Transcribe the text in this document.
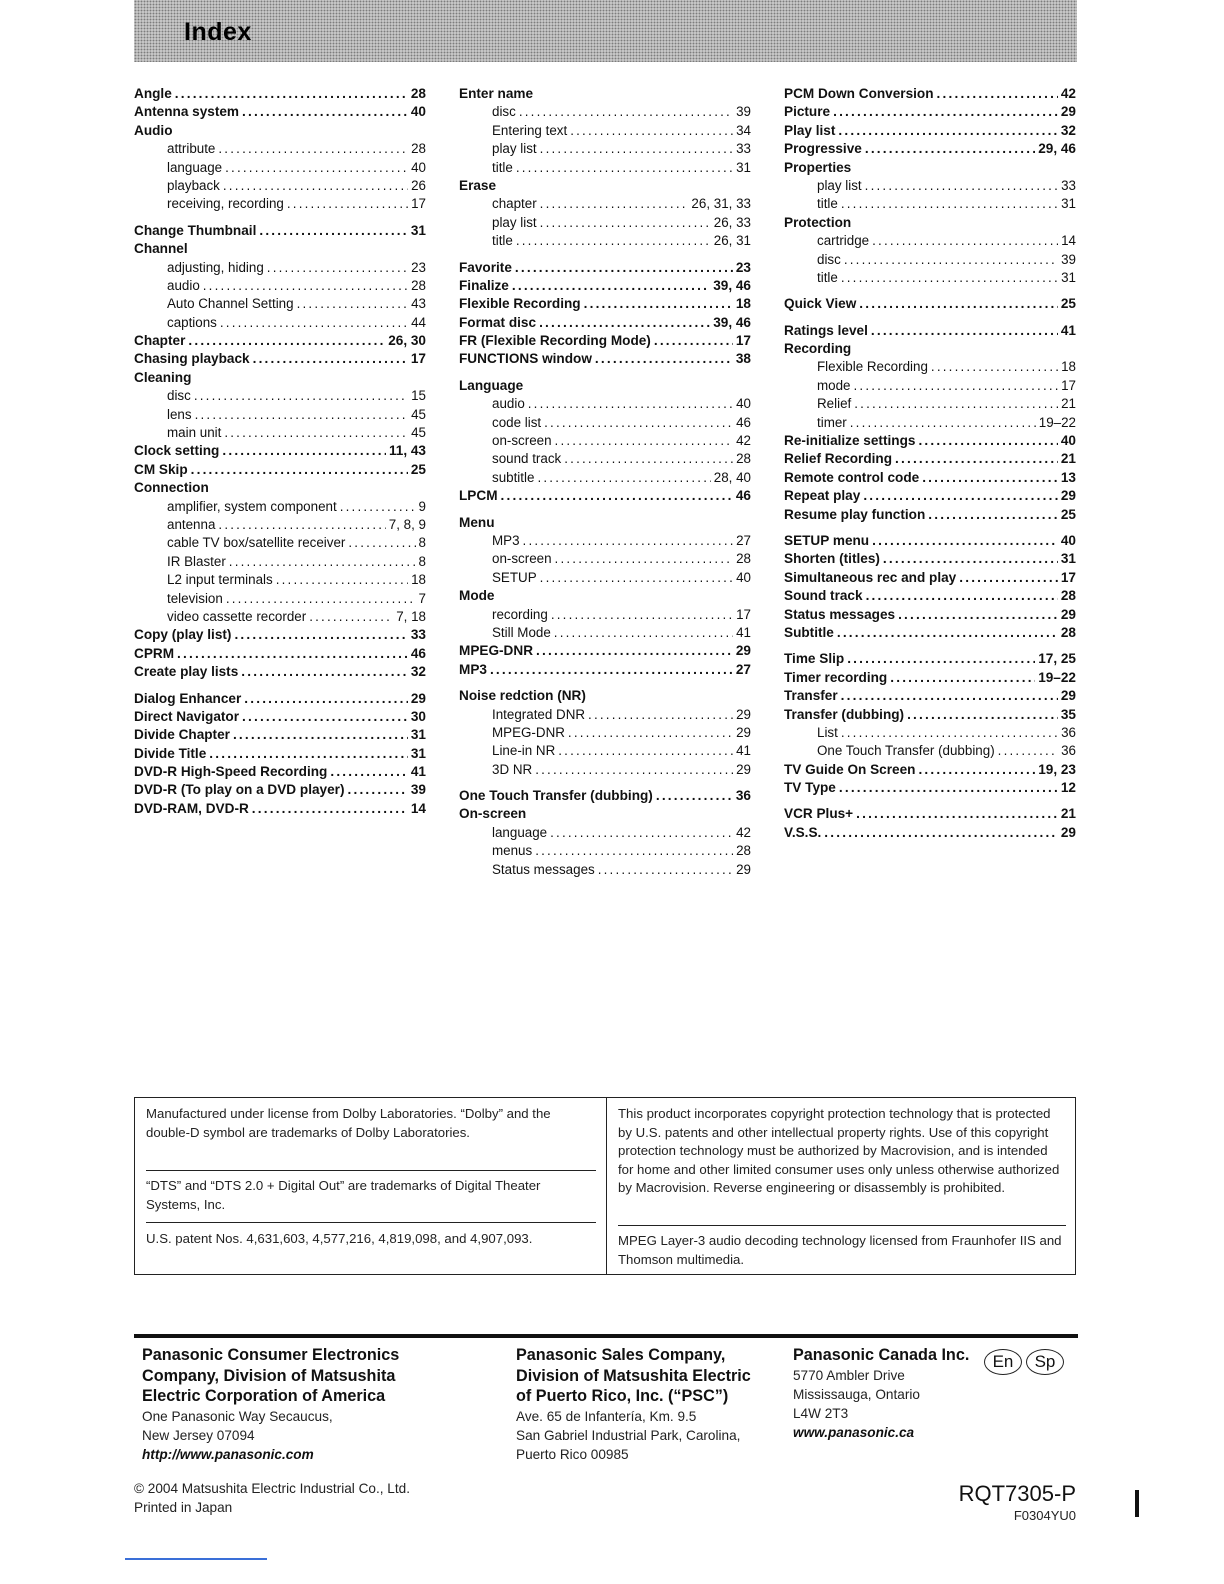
Index
Angle .....	28
Antenna system .....	40
Audio
attribute .....	28
language .....	40
playback .....	26
receiving, recording .....	17
Change Thumbnail .....	31
Channel
adjusting, hiding .....	23
audio .....	28
Auto Channel Setting .....	43
captions .....	44
Chapter .....	26, 30
Chasing playback .....	17
Cleaning
disc .....	15
lens .....	45
main unit .....	45
Clock setting .....	11, 43
CM Skip .....	25
Connection
amplifier, system component .....	9
antenna .....	7, 8, 9
cable TV box/satellite receiver .....	8
IR Blaster .....	8
L2 input terminals .....	18
television .....	7
video cassette recorder .....	7, 18
Copy (play list) .....	33
CPRM .....	46
Create play lists .....	32
Dialog Enhancer .....	29
Direct Navigator .....	30
Divide Chapter .....	31
Divide Title .....	31
DVD-R High-Speed Recording .....	41
DVD-R (To play on a DVD player) .....	39
DVD-RAM, DVD-R .....	14
Enter name
disc .....	39
Entering text .....	34
play list .....	33
title .....	31
Erase
chapter .....	26, 31, 33
play list .....	26, 33
title .....	26, 31
Favorite .....	23
Finalize .....	39, 46
Flexible Recording .....	18
Format disc .....	39, 46
FR (Flexible Recording Mode) .....	17
FUNCTIONS window .....	38
Language
audio .....	40
code list .....	46
on-screen .....	42
sound track .....	28
subtitle .....	28, 40
LPCM .....	46
Menu
MP3 .....	27
on-screen .....	28
SETUP .....	40
Mode
recording .....	17
Still Mode .....	41
MPEG-DNR .....	29
MP3 .....	27
Noise redction (NR)
Integrated DNR .....	29
MPEG-DNR .....	29
Line-in NR .....	41
3D NR .....	29
One Touch Transfer (dubbing) .....	36
On-screen
language .....	42
menus .....	28
Status messages .....	29
PCM Down Conversion .....	42
Picture .....	29
Play list .....	32
Progressive .....	29, 46
Properties
play list .....	33
title .....	31
Protection
cartridge .....	14
disc .....	39
title .....	31
Quick View .....	25
Ratings level .....	41
Recording
Flexible Recording .....	18
mode .....	17
Relief .....	21
timer .....	19–22
Re-initialize settings .....	40
Relief Recording .....	21
Remote control code .....	13
Repeat play .....	29
Resume play function .....	25
SETUP menu .....	40
Shorten (titles) .....	31
Simultaneous rec and play .....	17
Sound track .....	28
Status messages .....	29
Subtitle .....	28
Time Slip .....	17, 25
Timer recording .....	19–22
Transfer .....	29
Transfer (dubbing) .....	35
List .....	36
One Touch Transfer (dubbing) .....	36
TV Guide On Screen .....	19, 23
TV Type .....	12
VCR Plus+ .....	21
V.S.S. .....	29
Manufactured under license from Dolby Laboratories. “Dolby” and the double-D symbol are trademarks of Dolby Laboratories.
“DTS” and “DTS 2.0 + Digital Out” are trademarks of Digital Theater Systems, Inc.
U.S. patent Nos. 4,631,603, 4,577,216, 4,819,098, and 4,907,093.
This product incorporates copyright protection technology that is protected by U.S. patents and other intellectual property rights. Use of this copyright protection technology must be authorized by Macrovision, and is intended for home and other limited consumer uses only unless otherwise authorized by Macrovision. Reverse engineering or disassembly is prohibited.
MPEG Layer-3 audio decoding technology licensed from Fraunhofer IIS and Thomson multimedia.
Panasonic Consumer Electronics
Company, Division of Matsushita
Electric Corporation of America
One Panasonic Way Secaucus,
New Jersey 07094
http://www.panasonic.com
Panasonic Sales Company,
Division of Matsushita Electric
of Puerto Rico, Inc. (“PSC”)
Ave. 65 de Infantería, Km. 9.5
San Gabriel Industrial Park, Carolina,
Puerto Rico 00985
Panasonic Canada Inc.
5770 Ambler Drive
Mississauga, Ontario
L4W 2T3
www.panasonic.ca
En	Sp
© 2004 Matsushita Electric Industrial Co., Ltd.
Printed in Japan
RQT7305-P
F0304YU0
